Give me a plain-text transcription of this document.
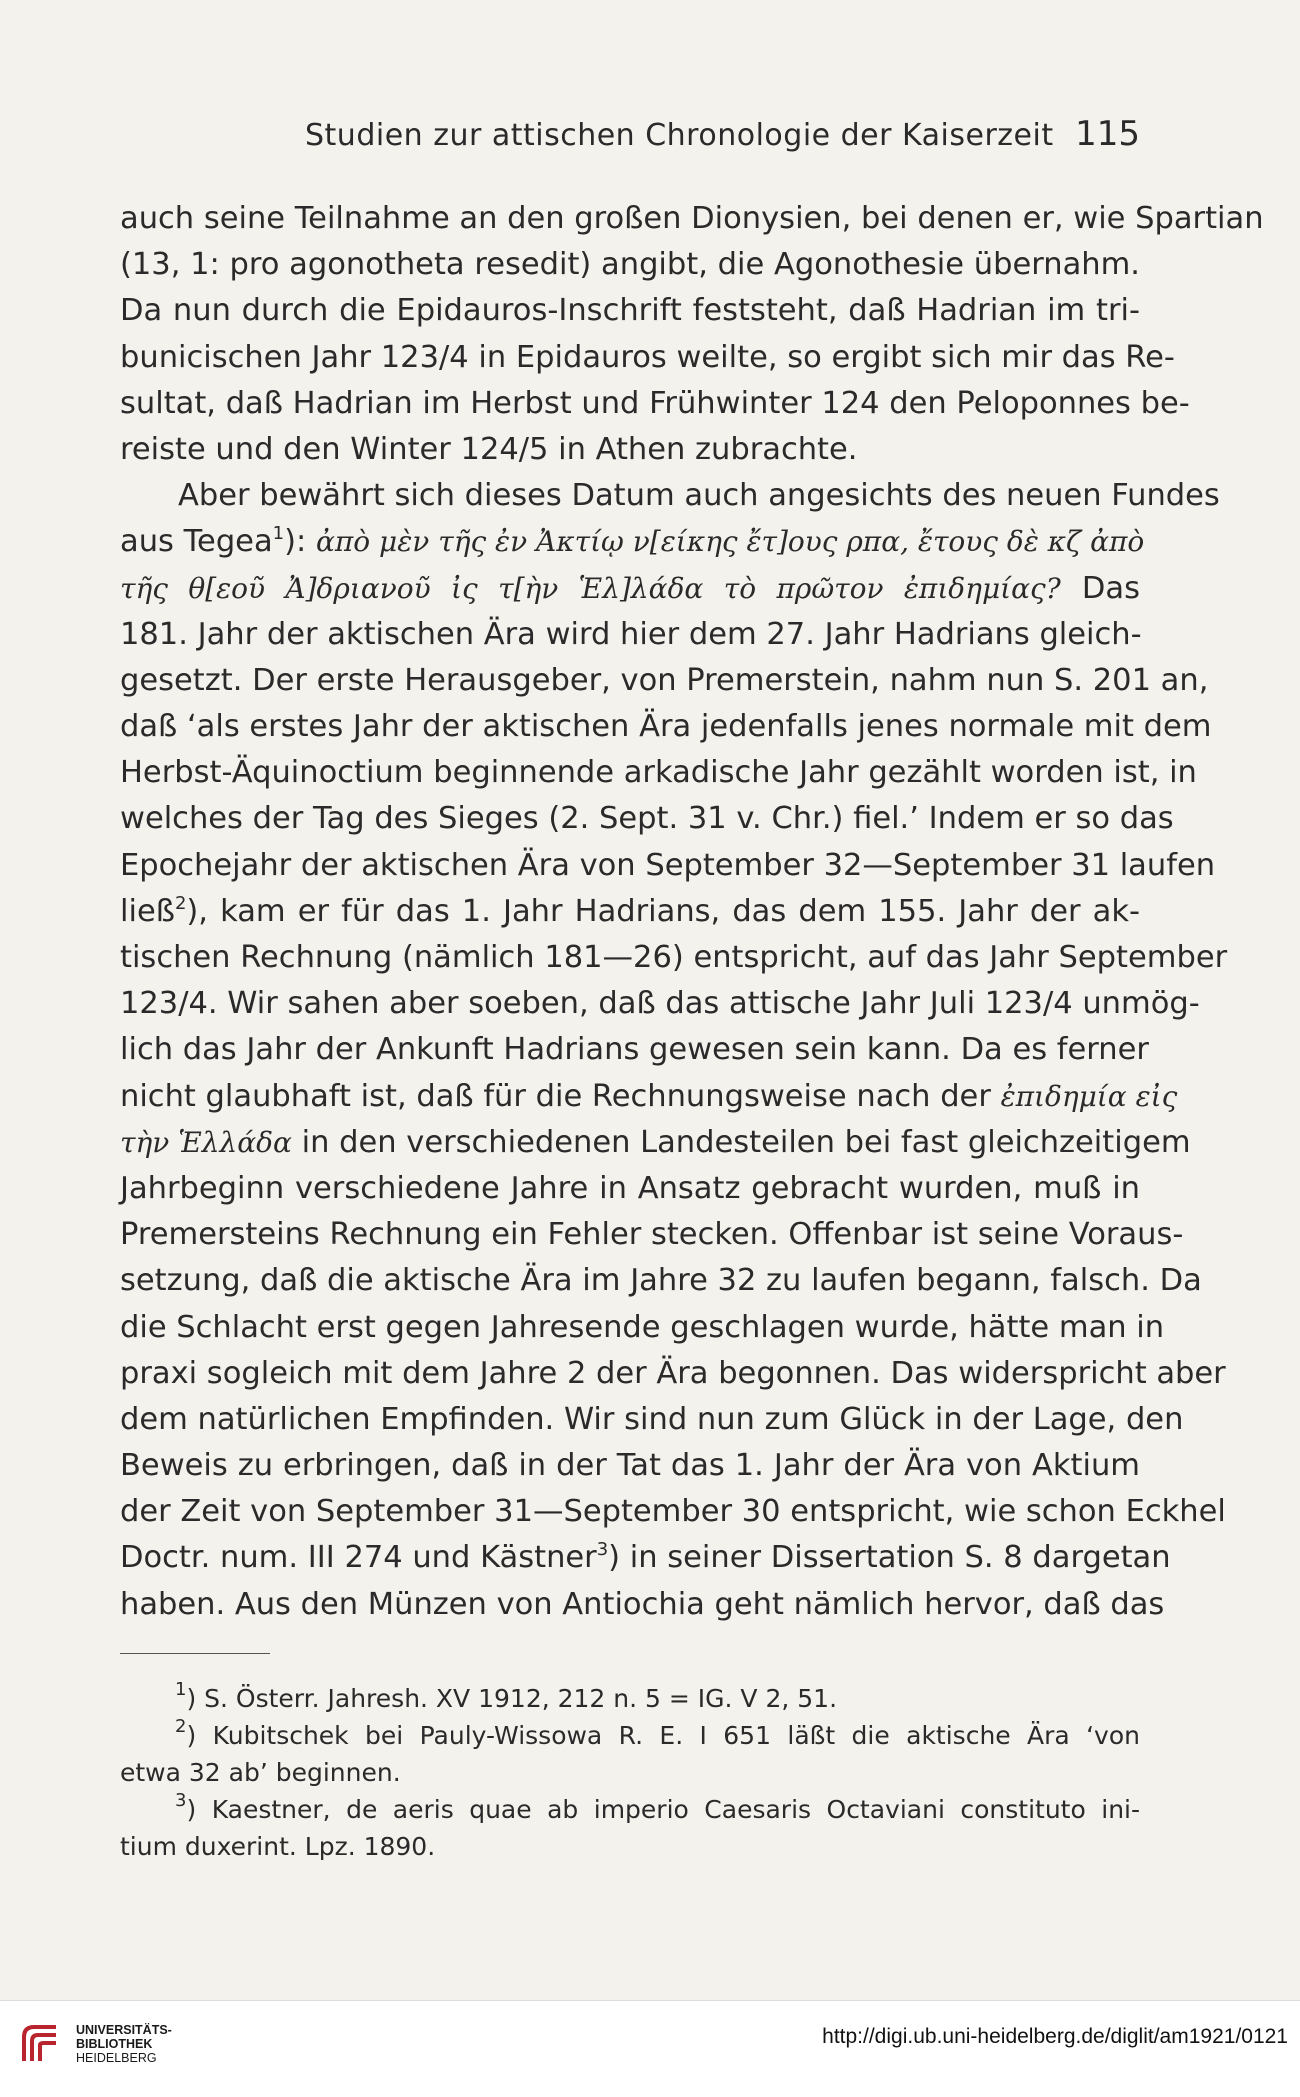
Studien zur attischen Chronologie der Kaiserzeit 115
auch seine Teilnahme an den großen Dionysien, bei denen er, wie Spartian
(13, 1: pro agonotheta resedit) angibt, die Agonothesie übernahm.
Da nun durch die Epidauros-Inschrift feststeht, daß Hadrian im tri-
bunicischen Jahr 123/4 in Epidauros weilte, so ergibt sich mir das Re-
sultat, daß Hadrian im Herbst und Frühwinter 124 den Peloponnes be-
reiste und den Winter 124/5 in Athen zubrachte.
Aber bewährt sich dieses Datum auch angesichts des neuen Fundes
aus Tegea$^1$): ἀπὸ μὲν τῆς ἐν Ἀκτίῳ ν[είκης ἔτ]ους ρπα, ἔτους δὲ κζ ἀπὸ
τῆς θ[εοῦ Ἀ]δριανοῦ ἰς τ[ὴν Ἑλ]λάδα τὸ πρῶτον ἐπιδημίας? Das
181. Jahr der aktischen Ära wird hier dem 27. Jahr Hadrians gleich-
gesetzt. Der erste Herausgeber, von Premerstein, nahm nun S. 201 an,
daß ‘als erstes Jahr der aktischen Ära jedenfalls jenes normale mit dem
Herbst-Äquinoctium beginnende arkadische Jahr gezählt worden ist, in
welches der Tag des Sieges (2. Sept. 31 v. Chr.) fiel.’ Indem er so das
Epochejahr der aktischen Ära von September 32—September 31 laufen
ließ$^2$), kam er für das 1. Jahr Hadrians, das dem 155. Jahr der ak-
tischen Rechnung (nämlich 181—26) entspricht, auf das Jahr September
123/4. Wir sahen aber soeben, daß das attische Jahr Juli 123/4 unmög-
lich das Jahr der Ankunft Hadrians gewesen sein kann. Da es ferner
nicht glaubhaft ist, daß für die Rechnungsweise nach der ἐπιδημία εἰς
τὴν Ἑλλάδα in den verschiedenen Landesteilen bei fast gleichzeitigem
Jahrbeginn verschiedene Jahre in Ansatz gebracht wurden, muß in
Premersteins Rechnung ein Fehler stecken. Offenbar ist seine Voraus-
setzung, daß die aktische Ära im Jahre 32 zu laufen begann, falsch. Da
die Schlacht erst gegen Jahresende geschlagen wurde, hätte man in
praxi sogleich mit dem Jahre 2 der Ära begonnen. Das widerspricht aber
dem natürlichen Empfinden. Wir sind nun zum Glück in der Lage, den
Beweis zu erbringen, daß in der Tat das 1. Jahr der Ära von Aktium
der Zeit von September 31—September 30 entspricht, wie schon Eckhel
Doctr. num. III 274 und Kästner$^3$) in seiner Dissertation S. 8 dargetan
haben. Aus den Münzen von Antiochia geht nämlich hervor, daß das
$^1$) S. Österr. Jahresh. XV 1912, 212 n. 5 = IG. V 2, 51.
$^2$) Kubitschek bei Pauly-Wissowa R. E. I 651 läßt die aktische Ära ‘von
etwa 32 ab’ beginnen.
$^3$) Kaestner, de aeris quae ab imperio Caesaris Octaviani constituto ini-
tium duxerint. Lpz. 1890.
UNIVERSITÄTS-
BIBLIOTHEK
HEIDELBERG
http://digi.ub.uni-heidelberg.de/diglit/am1921/0121
